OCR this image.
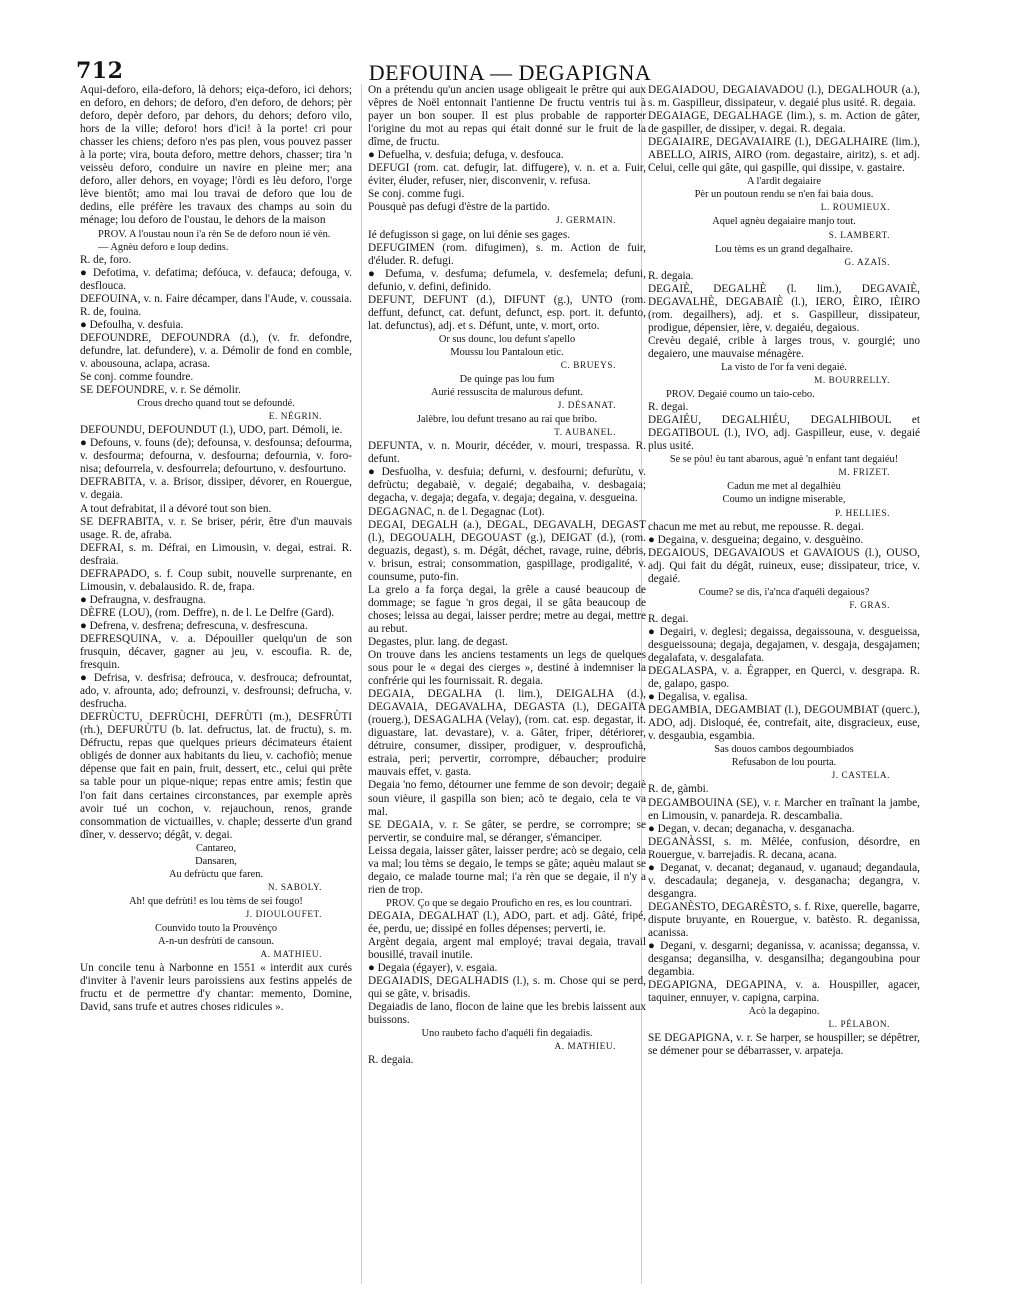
712	DEFOUINA — DEGAPIGNA

Aqui-deforo, eila-deforo, là dehors; eiça-deforo, ici dehors; en deforo, en dehors; de deforo, d'en deforo, de dehors; pèr deforo, depèr deforo, par dehors, du dehors; deforo vilo, hors de la ville; deforo! hors d'ici! à la porte! cri pour chasser les chiens; deforo n'es pas plen, vous pouvez passer à la porte; vira, bouta deforo, mettre dehors, chasser; tira 'n veissèu deforo, conduire un navire en pleine mer; ana deforo, aller dehors, en voyage; l'òrdi es lèu deforo, l'orge lève bientôt; amo mai lou travai de deforo que lou de dedins, elle préfère les travaux des champs au soin du ménage; lou deforo de l'oustau, le dehors de la maison

PROV. A l'oustau noun i'a rèn Se de deforo noun ié vèn.

— Agnèu deforo e loup dedins.

R. de, foro.

● Defotima, v. defatima; defóuca, v. defauca; defouga, v. desflouca.

DEFOUINA, v. n. Faire décamper, dans l'Aude, v. coussaia. R. de, fouina.

● Defoulha, v. desfuia.

DEFOUNDRE, DEFOUNDRA (d.), (v. fr. defondre, defundre, lat. defundere), v. a. Démolir de fond en comble, v. abousouna, aclapa, acrasa.

Se conj. comme foundre.

SE DEFOUNDRE, v. r. Se démolir.

Crous drecho quand tout se defoundé.

E. NÉGRIN.

DEFOUNDU, DEFOUNDUT (l.), UDO, part. Démoli, ie.

● Defouns, v. founs (de); defounsa, v. desfounsa; defourma, v. desfourma; defourna, v. desfourna; defournia, v. foro-nisa; defourrela, v. desfourrela; defourtuno, v. desfourtuno.

DEFRABITA, v. a. Brisor, dissiper, dévorer, en Rouergue, v. degaia.

A tout defrabitat, il a dévoré tout son bien.

SE DEFRABITA, v. r. Se briser, périr, être d'un mauvais usage. R. de, afraba.

DEFRAI, s. m. Défrai, en Limousin, v. degai, estrai. R. desfraia.

DEFRAPADO, s. f. Coup subit, nouvelle surprenante, en Limousin, v. debalausido. R. de, frapa.

● Defraugna, v. desfraugna.

DÈFRE (LOU), (rom. Deffre), n. de l. Le Delfre (Gard).

● Defrena, v. desfrena; defrescuna, v. desfrescuna.

DEFRESQUINA, v. a. Dépouiller quelqu'un de son frusquin, décaver, gagner au jeu, v. escoufia. R. de, fresquin.

● Defrisa, v. desfrisa; defrouca, v. desfrouca; defrountat, ado, v. afrounta, ado; defrounzi, v. desfrounsi; defrucha, v. desfrucha.

DEFRÙCTU, DEFRÙCHI, DEFRÙTI (m.), DESFRÙTI (rh.), DEFURÙTU (b. lat. defructus, lat. de fructu), s. m. Défructu, repas que quelques prieurs décimateurs étaient obligés de donner aux habitants du lieu, v. cachofiò; menue dépense que fait en pain, fruit, dessert, etc., celui qui prête sa table pour un pique-nique; repas entre amis; festin que l'on fait dans certaines circonstances, par exemple après avoir tué un cochon, v. rejauchoun, renos, grande consommation de victuailles, v. chaple; desserte d'un grand dîner, v. desservo; dégât, v. degai.

Cantareo,

Dansaren,

Au defrùctu que faren.

N. SABOLY.

Ah! que defrùti! es lou tèms de sei fougo!

J. DIOULOUFET.

Counvido touto la Prouvènço

A-n-un desfrùti de cansoun.

A. MATHIEU.

Un concile tenu à Narbonne en 1551 « interdit aux curés d'inviter à l'avenir leurs paroissiens aux festins appelés de fructu et de permettre d'y chantar: memento, Domine, David, sans trufe et autres choses ridicules ».

On a prétendu qu'un ancien usage obligeait le prêtre qui aux vêpres de Noël entonnait l'antienne De fructu ventris tui à payer un bon souper. Il est plus probable de rapporter l'origine du mot au repas qui était donné sur le fruit de la dîme, de fructu.

● Defuelha, v. desfuia; defuga, v. desfouca.

DEFUGI (rom. cat. defugir, lat. diffugere), v. n. et a. Fuir, éviter, éluder, refuser, nier, disconvenir, v. refusa.

Se conj. comme fugi.

Pousquè pas defugi d'èstre de la partido.

J. GERMAIN.

Ié defugisson si gage, on lui dénie ses gages.

DEFUGIMEN (rom. difugimen), s. m. Action de fuir, d'éluder. R. defugi.

● Defuma, v. desfuma; defumela, v. desfemela; defuni, defunio, v. defini, definido.

DEFUNT, DEFUNT (d.), DIFUNT (g.), UNTO (rom. deffunt, defunct, cat. defunt, defunct, esp. port. it. defunto, lat. defunctus), adj. et s. Défunt, unte, v. mort, orto.

Or sus dounc, lou defunt s'apello

Moussu lou Pantaloun etic.

C. BRUEYS.

De quinge pas lou fum

Aurié ressuscita de malurous defunt.

J. DÉSANAT.

Jalèbre, lou defunt tresano au rai que bribo.

T. AUBANEL.

DEFUNTA, v. n. Mourir, décéder, v. mouri, trespassa. R. defunt.

● Desfuolha, v. desfuia; defurni, v. desfourni; defurùtu, v. defrùctu; degabaiè, v. degaié; degabaiha, v. desbagaia; degacha, v. degaja; degafa, v. degaja; degaina, v. desgueina.

DEGAGNAC, n. de l. Degagnac (Lot).

DEGAI, DEGALH (a.), DEGAL, DEGAVALH, DEGAST (l.), DEGOUALH, DEGOUAST (g.), DEIGAT (d.), (rom. deguazis, degast), s. m. Dégât, déchet, ravage, ruine, débris, v. brisun, estrai; consommation, gaspillage, prodigalité, v. counsume, puto-fin.

La grelo a fa força degai, la grêle a causé beaucoup de dommage; se fague 'n gros degai, il se gâta beaucoup de choses; leissa au degai, laisser perdre; metre au degai, mettre au rebut.

Degastes, plur. lang. de degast.

On trouve dans les anciens testaments un legs de quelques sous pour le « degai des cierges », destiné à indemniser la confrérie qui les fournissait. R. degaia.

DEGAIA, DEGALHA (l. lim.), DEIGALHA (d.), DEGAVAIA, DEGAVALHA, DEGASTA (l.), DEGAITA (rouerg.), DESAGALHA (Velay), (rom. cat. esp. degastar, it. diguastare, lat. devastare), v. a. Gâter, friper, détériorer, détruire, consumer, dissiper, prodiguer, v. desproufichà, estraia, peri; pervertir, corrompre, débaucher; produire mauvais effet, v. gasta.

Degaia 'no femo, détourner une femme de son devoir; degaiè soun vièure, il gaspilla son bien; acò te degaio, cela te va mal.

SE DEGAIA, v. r. Se gâter, se perdre, se corrompre; se pervertir, se conduire mal, se déranger, s'émanciper.

Leissa degaia, laisser gâter, laisser perdre; acò se degaio, cela va mal; lou tèms se degaio, le temps se gâte; aquèu malaut se degaio, ce malade tourne mal; i'a rèn que se degaie, il n'y a rien de trop.

PROV. Ço que se degaio Prouficho en res, es lou countrari.

DEGAIA, DEGALHAT (l.), ADO, part. et adj. Gâté, fripé, ée, perdu, ue; dissipé en folles dépenses; perverti, ie.

Argènt degaia, argent mal employé; travai degaia, travail bousillé, travail inutile.

● Degaia (égayer), v. esgaia.

DEGAIADIS, DEGALHADIS (l.), s. m. Chose qui se perd, qui se gâte, v. brisadis.

Degaiadis de lano, flocon de laine que les brebis laissent aux buissons.

Uno raubeto facho d'aquéli fin degaiadis.

A. MATHIEU.

R. degaia.

DEGAIADOU, DEGAIAVADOU (l.), DEGALHÒUR (a.), s. m. Gaspilleur, dissipateur, v. degaié plus usité. R. degaia.

DEGAIAGE, DEGALHAGE (lim.), s. m. Action de gâter, de gaspiller, de dissiper, v. degai. R. degaia.

DEGAIAIRE, DEGAVAIAIRE (l.), DEGALHAIRE (lim.), ABELLO, AIRIS, AIRO (rom. degastaire, airitz), s. et adj. Celui, celle qui gâte, qui gaspille, qui dissipe, v. gastaire.

A l'ardit degaiaire

Pèr un poutoun rendu se n'en fai baia dous.

L. ROUMIEUX.

Aquel agnèu degaiaire manjo tout.

S. LAMBERT.

Lou tèms es un grand degalhaire.

G. AZAÏS.

R. degaia.

DEGAIÈ, DEGALHÈ (l. lim.), DEGAVAIÈ, DEGAVALHÈ, DEGABAIÈ (l.), IERO, ÈIRO, IÈIRO (rom. degailhers), adj. et s. Gaspilleur, dissipateur, prodigue, dépensier, ière, v. degaiéu, degaious.

Crevèu degaié, crible à larges trous, v. gourgié; uno degaiero, une mauvaise ménagère.

La visto de l'or fa veni degaié.

M. BOURRELLY.

PROV. Degaié coumo un taio-cebo.

R. degai.

DEGAIÉU, DEGALHIÉU, DEGALHIBOUL et DEGATIBOUL (l.), IVO, adj. Gaspilleur, euse, v. degaié plus usité.

Se se pòu! èu tant abarous, aguè 'n enfant tant degaiéu!

M. FRIZET.

Cadun me met al degalhièu

Coumo un indigne miserable,

P. HELLIES.

chacun me met au rebut, me repousse. R. degai.

● Degaina, v. desgueina; degaino, v. desguèino.

DEGAIOUS, DEGAVAIOUS et GAVAIOUS (l.), OUSO, adj. Qui fait du dégât, ruineux, euse; dissipateur, trice, v. degaié.

Coume? se dis, i'a'nca d'aquéli degaious?

F. GRAS.

R. degai.

● Degairi, v. deglesi; degaissa, degaissouna, v. desgueissa, desgueissouna; degaja, degajamen, v. desgaja, desgajamen; degalafata, v. desgalafata.

DEGALASPA, v. a. Égrapper, en Querci, v. desgrapa. R. de, galapo, gaspo.

● Degalisa, v. egalisa.

DEGAMBIA, DEGAMBIAT (l.), DEGOUMBIAT (querc.), ADO, adj. Disloqué, ée, contrefait, aite, disgracieux, euse, v. desgaubia, esgambia.

Sas douos cambos degoumbiados

Refusabon de lou pourta.

J. CASTELA.

R. de, gàmbi.

DEGAMBOUINA (SE), v. r. Marcher en traînant la jambe, en Limousin, v. panardeja. R. descambalia.

● Degan, v. decan; deganacha, v. desganacha.

DEGANÀSSI, s. m. Mêlée, confusion, désordre, en Rouergue, v. barrejadis. R. decana, acana.

● Deganat, v. decanat; deganaud, v. uganaud; degandaula, v. descadaula; deganeja, v. desganacha; degangra, v. desgangra.

DEGANÈSTO, DEGARÈSTO, s. f. Rixe, querelle, bagarre, dispute bruyante, en Rouergue, v. batèsto. R. deganissa, acanissa.

● Degani, v. desgarni; deganissa, v. acanissa; deganssa, v. desgansa; degansilha, v. desgansilha; degangoubina pour degambia.

DEGAPIGNA, DEGAPINA, v. a. Houspiller, agacer, taquiner, ennuyer, v. capigna, carpina.

Acò la degapino.

L. PÉLABON.

SE DEGAPIGNA, v. r. Se harper, se houspiller; se dépêtrer, se démener pour se débarrasser, v. arpateja.
